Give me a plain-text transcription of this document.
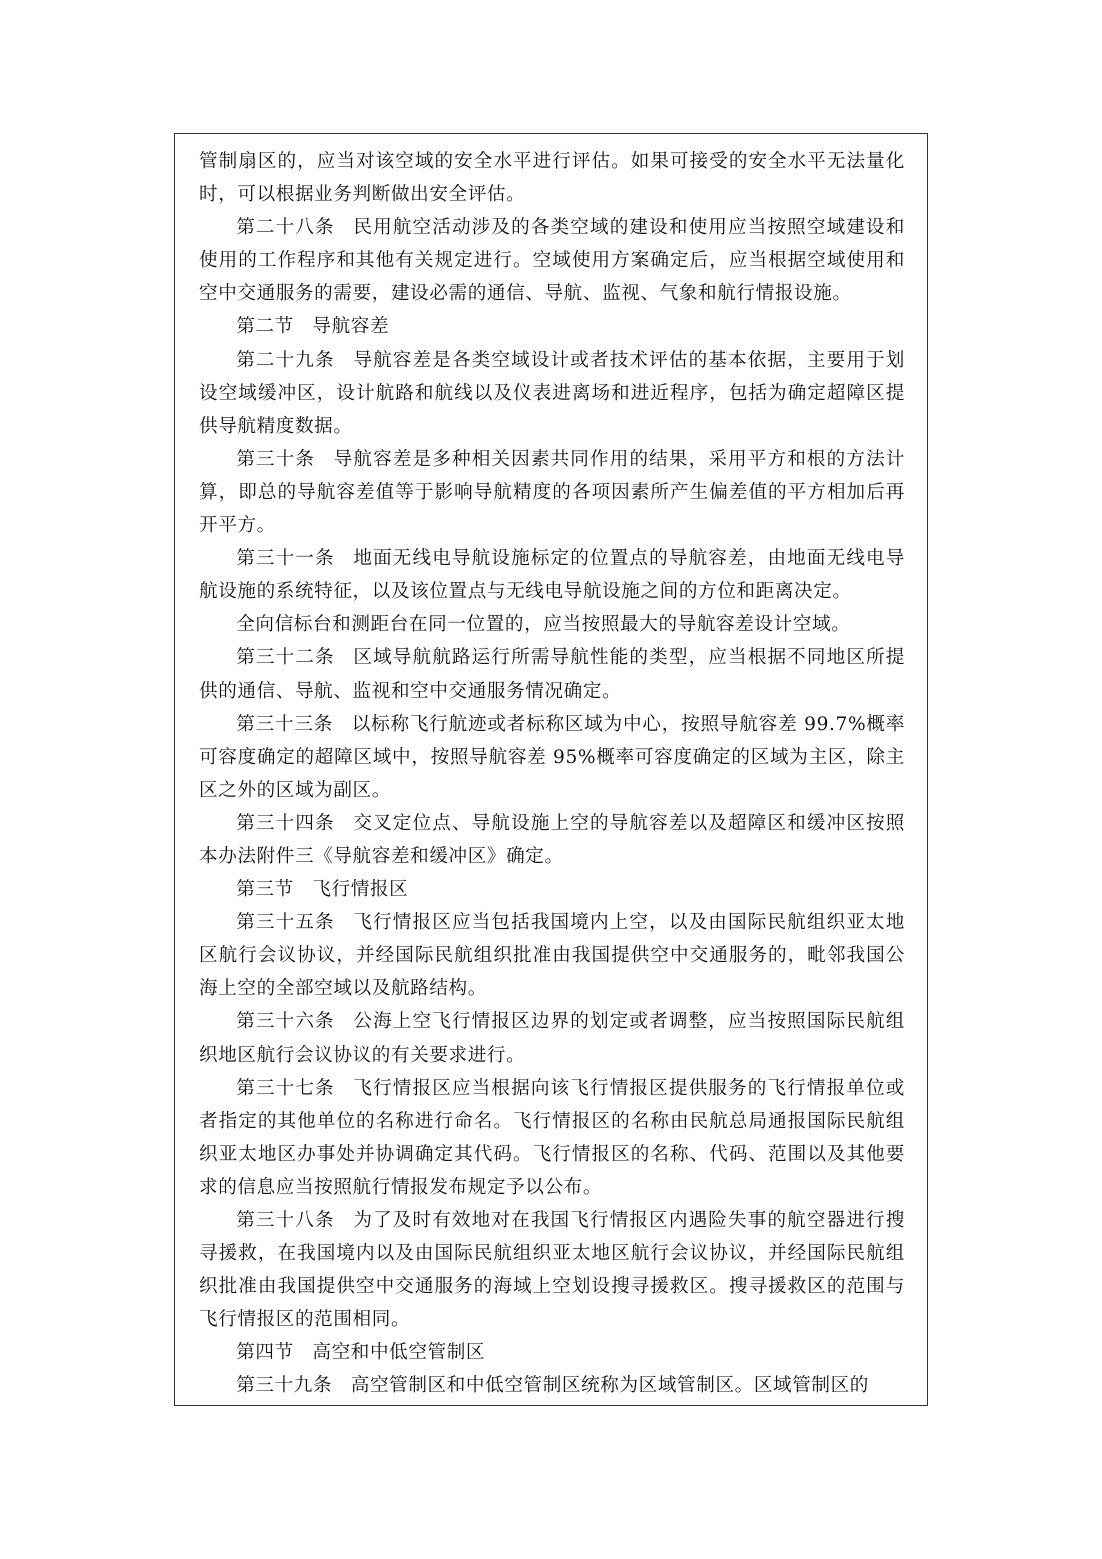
管制扇区的，应当对该空域的安全水平进行评估。如果可接受的安全水平无法量化时，可以根据业务判断做出安全评估。

第二十八条 民用航空活动涉及的各类空域的建设和使用应当按照空域建设和使用的工作程序和其他有关规定进行。空域使用方案确定后，应当根据空域使用和空中交通服务的需要，建设必需的通信、导航、监视、气象和航行情报设施。

第二节 导航容差

第二十九条 导航容差是各类空域设计或者技术评估的基本依据，主要用于划设空域缓冲区，设计航路和航线以及仪表进离场和进近程序，包括为确定超障区提供导航精度数据。

第三十条 导航容差是多种相关因素共同作用的结果，采用平方和根的方法计算，即总的导航容差值等于影响导航精度的各项因素所产生偏差值的平方相加后再开平方。

第三十一条 地面无线电导航设施标定的位置点的导航容差，由地面无线电导航设施的系统特征，以及该位置点与无线电导航设施之间的方位和距离决定。

全向信标台和测距台在同一位置的，应当按照最大的导航容差设计空域。

第三十二条 区域导航航路运行所需导航性能的类型，应当根据不同地区所提供的通信、导航、监视和空中交通服务情况确定。

第三十三条 以标称飞行航迹或者标称区域为中心，按照导航容差 99.7%概率可容度确定的超障区域中，按照导航容差 95%概率可容度确定的区域为主区，除主区之外的区域为副区。

第三十四条 交叉定位点、导航设施上空的导航容差以及超障区和缓冲区按照本办法附件三《导航容差和缓冲区》确定。

第三节 飞行情报区

第三十五条 飞行情报区应当包括我国境内上空，以及由国际民航组织亚太地区航行会议协议，并经国际民航组织批准由我国提供空中交通服务的，毗邻我国公海上空的全部空域以及航路结构。

第三十六条 公海上空飞行情报区边界的划定或者调整，应当按照国际民航组织地区航行会议协议的有关要求进行。

第三十七条 飞行情报区应当根据向该飞行情报区提供服务的飞行情报单位或者指定的其他单位的名称进行命名。飞行情报区的名称由民航总局通报国际民航组织亚太地区办事处并协调确定其代码。飞行情报区的名称、代码、范围以及其他要求的信息应当按照航行情报发布规定予以公布。

第三十八条 为了及时有效地对在我国飞行情报区内遇险失事的航空器进行搜寻援救，在我国境内以及由国际民航组织亚太地区航行会议协议，并经国际民航组织批准由我国提供空中交通服务的海域上空划设搜寻援救区。搜寻援救区的范围与飞行情报区的范围相同。

第四节 高空和中低空管制区

第三十九条 高空管制区和中低空管制区统称为区域管制区。区域管制区的
